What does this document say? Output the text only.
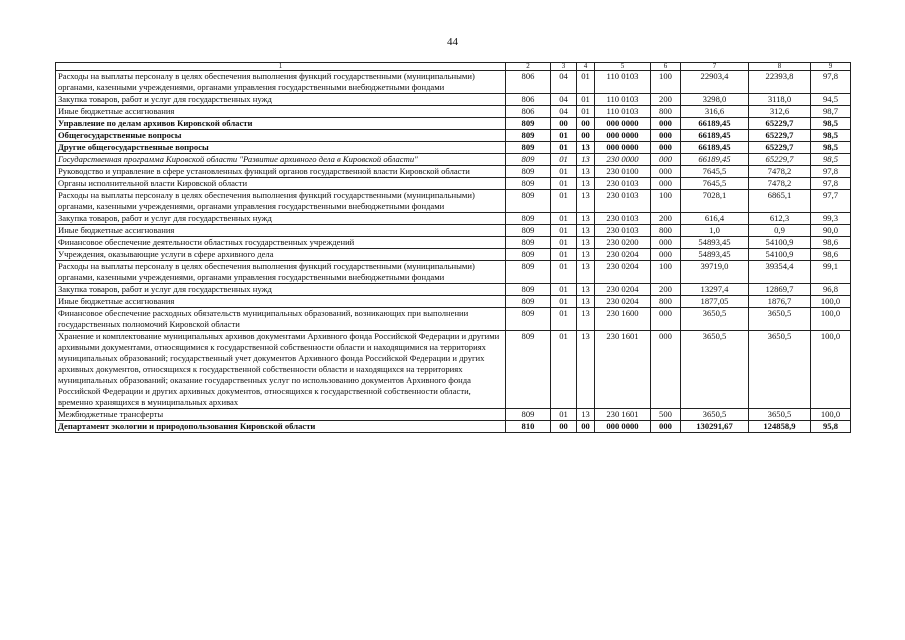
44
1	2	3	4	5	6	7	8	9
Расходы на выплаты персоналу в целях обеспечения выполнения функций государственными (муниципальными) органами, казенными учреждениями, органами управления государственными внебюджетными фондами	806	04	01	110 0103	100	22903,4	22393,8	97,8
Закупка товаров, работ и услуг для государственных нужд	806	04	01	110 0103	200	3298,0	3118,0	94,5
Иные бюджетные ассигнования	806	04	01	110 0103	800	316,6	312,6	98,7
Управление по делам архивов Кировской области	809	00	00	000 0000	000	66189,45	65229,7	98,5
Общегосударственные вопросы	809	01	00	000 0000	000	66189,45	65229,7	98,5
Другие общегосударственные вопросы	809	01	13	000 0000	000	66189,45	65229,7	98,5
Государственная программа Кировской области "Развитие архивного дела в Кировской области"	809	01	13	230 0000	000	66189,45	65229,7	98,5
Руководство и управление в сфере установленных функций органов государственной власти Кировской области	809	01	13	230 0100	000	7645,5	7478,2	97,8
Органы исполнительной власти Кировской области	809	01	13	230 0103	000	7645,5	7478,2	97,8
Расходы на выплаты персоналу в целях обеспечения выполнения функций государственными (муниципальными) органами, казенными учреждениями, органами управления государственными внебюджетными фондами	809	01	13	230 0103	100	7028,1	6865,1	97,7
Закупка товаров, работ и услуг для государственных нужд	809	01	13	230 0103	200	616,4	612,3	99,3
Иные бюджетные ассигнования	809	01	13	230 0103	800	1,0	0,9	90,0
Финансовое обеспечение деятельности областных государственных учреждений	809	01	13	230 0200	000	54893,45	54100,9	98,6
Учреждения, оказывающие услуги в сфере архивного дела	809	01	13	230 0204	000	54893,45	54100,9	98,6
Расходы на выплаты персоналу в целях обеспечения выполнения функций государственными (муниципальными) органами, казенными учреждениями, органами управления государственными внебюджетными фондами	809	01	13	230 0204	100	39719,0	39354,4	99,1
Закупка товаров, работ и услуг для государственных нужд	809	01	13	230 0204	200	13297,4	12869,7	96,8
Иные бюджетные ассигнования	809	01	13	230 0204	800	1877,05	1876,7	100,0
Финансовое обеспечение расходных обязательств муниципальных образований, возникающих при выполнении государственных полномочий Кировской области	809	01	13	230 1600	000	3650,5	3650,5	100,0
Хранение и комплектование муниципальных архивов документами Архивного фонда Российской Федерации и другими архивными документами, относящимися к государственной собственности области и находящимися на территориях муниципальных образований; государственный учет документов Архивного фонда Российской Федерации и других архивных документов, относящихся к государственной собственности области и находящихся на территориях муниципальных образований; оказание государственных услуг по использованию документов Архивного фонда Российской Федерации и других архивных документов, относящихся к государственной собственности области, временно хранящихся в муниципальных архивах	809	01	13	230 1601	000	3650,5	3650,5	100,0
Межбюджетные трансферты	809	01	13	230 1601	500	3650,5	3650,5	100,0
Департамент экологии и природопользования Кировской области	810	00	00	000 0000	000	130291,67	124858,9	95,8
